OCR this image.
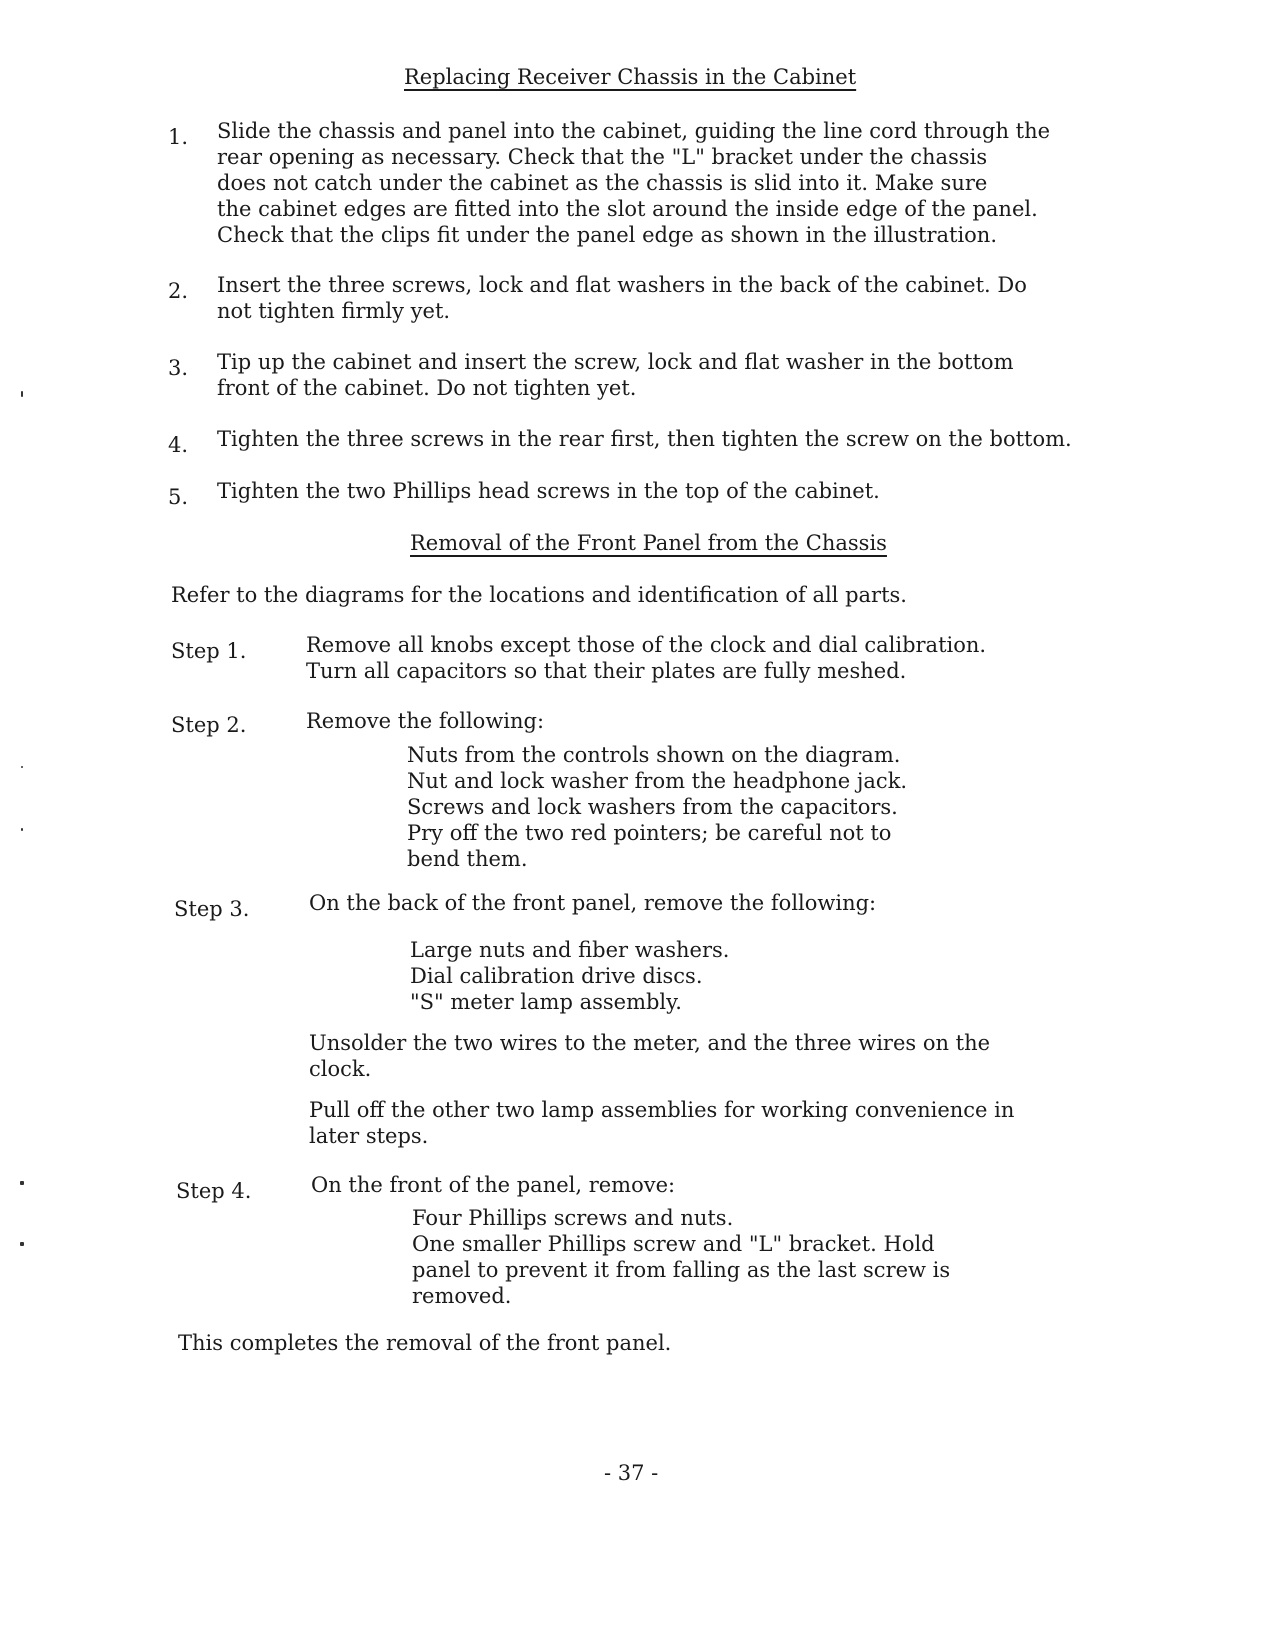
Replacing Receiver Chassis in the Cabinet
1. Slide the chassis and panel into the cabinet, guiding the line cord through the
rear opening as necessary. Check that the "L" bracket under the chassis
does not catch under the cabinet as the chassis is slid into it. Make sure
the cabinet edges are fitted into the slot around the inside edge of the panel.
Check that the clips fit under the panel edge as shown in the illustration.
2. Insert the three screws, lock and flat washers in the back of the cabinet. Do
not tighten firmly yet.
3. Tip up the cabinet and insert the screw, lock and flat washer in the bottom
front of the cabinet. Do not tighten yet.
4. Tighten the three screws in the rear first, then tighten the screw on the bottom.
5. Tighten the two Phillips head screws in the top of the cabinet.
Removal of the Front Panel from the Chassis
Refer to the diagrams for the locations and identification of all parts.
Step 1.	Remove all knobs except those of the clock and dial calibration.
Turn all capacitors so that their plates are fully meshed.
Step 2.	Remove the following:
Nuts from the controls shown on the diagram.
Nut and lock washer from the headphone jack.
Screws and lock washers from the capacitors.
Pry off the two red pointers; be careful not to
bend them.
Step 3.	On the back of the front panel, remove the following:
Large nuts and fiber washers.
Dial calibration drive discs.
"S" meter lamp assembly.
Unsolder the two wires to the meter, and the three wires on the
clock.
Pull off the other two lamp assemblies for working convenience in
later steps.
Step 4.	On the front of the panel, remove:
Four Phillips screws and nuts.
One smaller Phillips screw and "L" bracket. Hold
panel to prevent it from falling as the last screw is
removed.
This completes the removal of the front panel.
- 37 -
